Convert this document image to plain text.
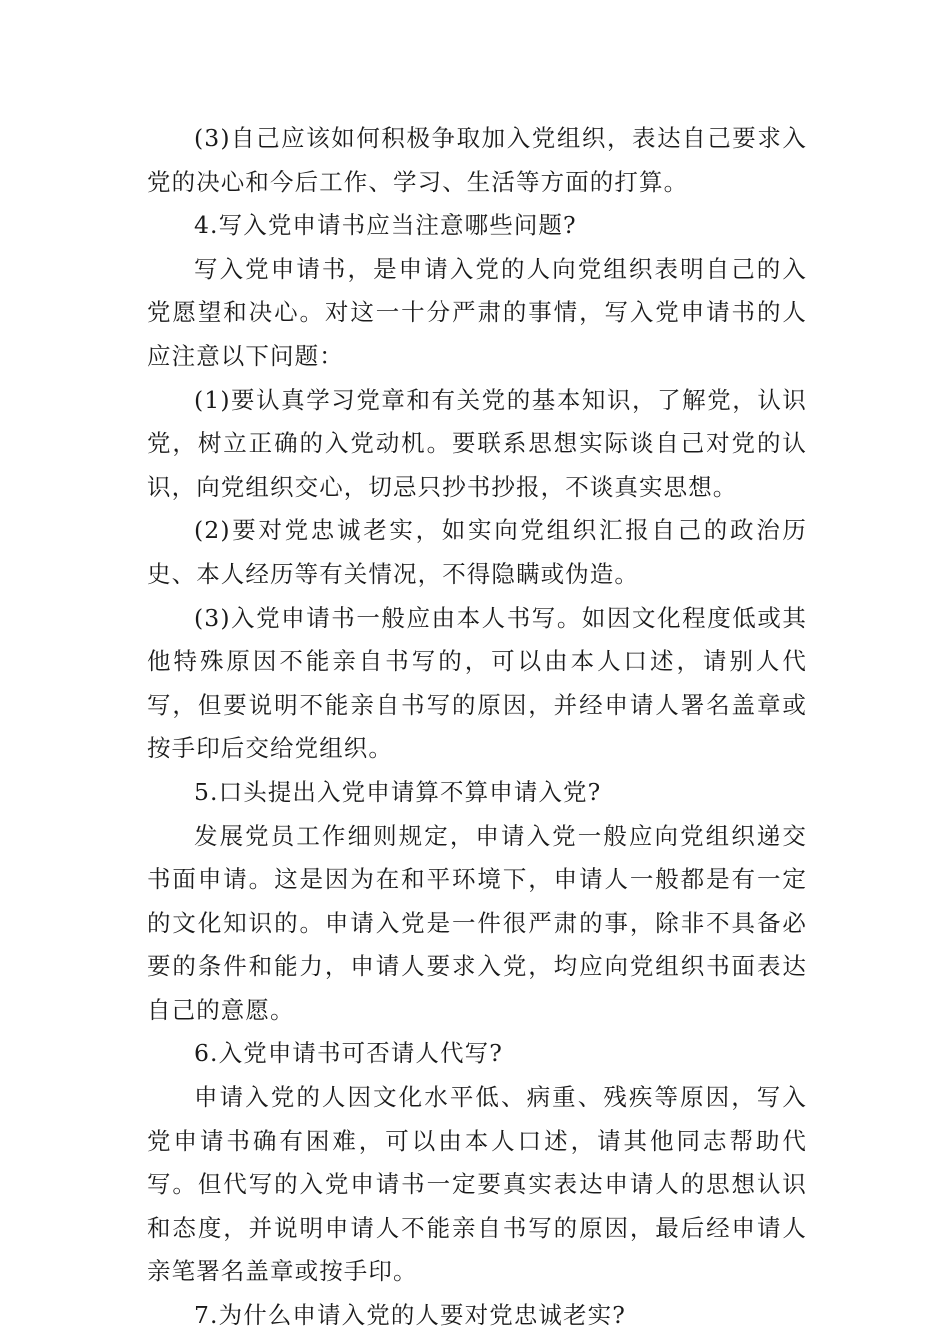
(3)自己应该如何积极争取加入党组织，表达自己要求入党的决心和今后工作、学习、生活等方面的打算。

4.写入党申请书应当注意哪些问题?

写入党申请书，是申请入党的人向党组织表明自己的入党愿望和决心。对这一十分严肃的事情，写入党申请书的人应注意以下问题：

(1)要认真学习党章和有关党的基本知识，了解党，认识党，树立正确的入党动机。要联系思想实际谈自己对党的认识，向党组织交心，切忌只抄书抄报，不谈真实思想。

(2)要对党忠诚老实，如实向党组织汇报自己的政治历史、本人经历等有关情况，不得隐瞒或伪造。

(3)入党申请书一般应由本人书写。如因文化程度低或其他特殊原因不能亲自书写的，可以由本人口述，请别人代写，但要说明不能亲自书写的原因，并经申请人署名盖章或按手印后交给党组织。

5.口头提出入党申请算不算申请入党?

发展党员工作细则规定，申请入党一般应向党组织递交书面申请。这是因为在和平环境下，申请人一般都是有一定的文化知识的。申请入党是一件很严肃的事，除非不具备必要的条件和能力，申请人要求入党，均应向党组织书面表达自己的意愿。

6.入党申请书可否请人代写?

申请入党的人因文化水平低、病重、残疾等原因，写入党申请书确有困难，可以由本人口述，请其他同志帮助代写。但代写的入党申请书一定要真实表达申请人的思想认识和态度，并说明申请人不能亲自书写的原因，最后经申请人亲笔署名盖章或按手印。

7.为什么申请入党的人要对党忠诚老实?
